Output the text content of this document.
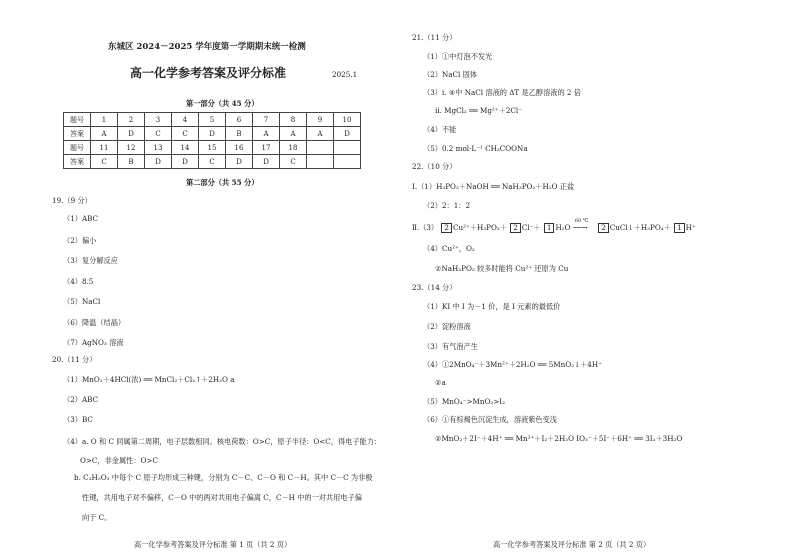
东城区 2024－2025 学年度第一学期期末统一检测
高一化学参考答案及评分标准	2025.1
第一部分（共 45 分）
题号	1	2	3	4	5	6	7	8	9	10
答案	A	D	C	C	D	B	A	A	A	D
题号	11	12	13	14	15	16	17	18		
答案	C	B	D	D	C	D	D	C		
第二部分（共 55 分）
19.（9 分）
（1）ABC
（2）偏小
（3）复分解反应
（4）8.5
（5）NaCl
（6）降温（结晶）
（7）AgNO₃ 溶液
20.（11 分）
（1）MnO₂＋4HCl(浓) ══ MnCl₂＋Cl₂↑＋2H₂O a
（2）ABC
（3）BC
（4）a. O 和 C 同属第二周期，电子层数相同。核电荷数：O>C，原子半径：O<C，得电子能力：
O>C，非金属性：O>C
b. C₂H₅O₃ 中每个 C 原子均形成三种键，分别为 C－C、C－O 和 C－H。其中 C－C 为非极
性键，共用电子对不偏移，C－O 中的两对共用电子偏离 C，C－H 中的一对共用电子偏
向于 C。
高一化学参考答案及评分标准 第 1 页（共 2 页）
21.（11 分）
（1）①中灯泡不发光
（2）NaCl 固体
（3）ⅰ. ④中 NaCl 溶液的 ΔT 是乙醇溶液的 2 倍
ⅱ. MgCl₂ ══ Mg²⁺＋2Cl⁻
（4）不能
（5）0.2 mol·L⁻¹ CH₃COONa
22.（10 分）
Ⅰ.（1）H₃PO₂＋NaOH ══ NaH₂PO₂＋H₂O 正盐
（2）2：1：2
Ⅱ.（3） 2 Cu²⁺＋H₃PO₂＋ 2 Cl⁻＋ 1 H₂O
60 ℃
──→ 2 CuCl↓＋H₃PO₄＋ 1 H⁺
（4）Cu²⁺，O₂
②NaH₂PO₂ 较多时能将 Cu²⁺ 还原为 Cu
23.（14 分）
（1）KI 中 I 为－1 价，是 I 元素的最低价
（2）淀粉溶液
（3）有气泡产生
（4）①2MnO₄⁻＋3Mn²⁺＋2H₂O ══ 5MnO₂↓＋4H⁺
②a
（5）MnO₄⁻>MnO₂>I₂
（6）①有棕褐色沉淀生成，溶液紫色变浅
②MnO₂＋2I⁻＋4H⁺ ══ Mn²⁺＋I₂＋2H₂O IO₃⁻＋5I⁻＋6H⁺ ══ 3I₂＋3H₂O
高一化学参考答案及评分标准 第 2 页（共 2 页）
